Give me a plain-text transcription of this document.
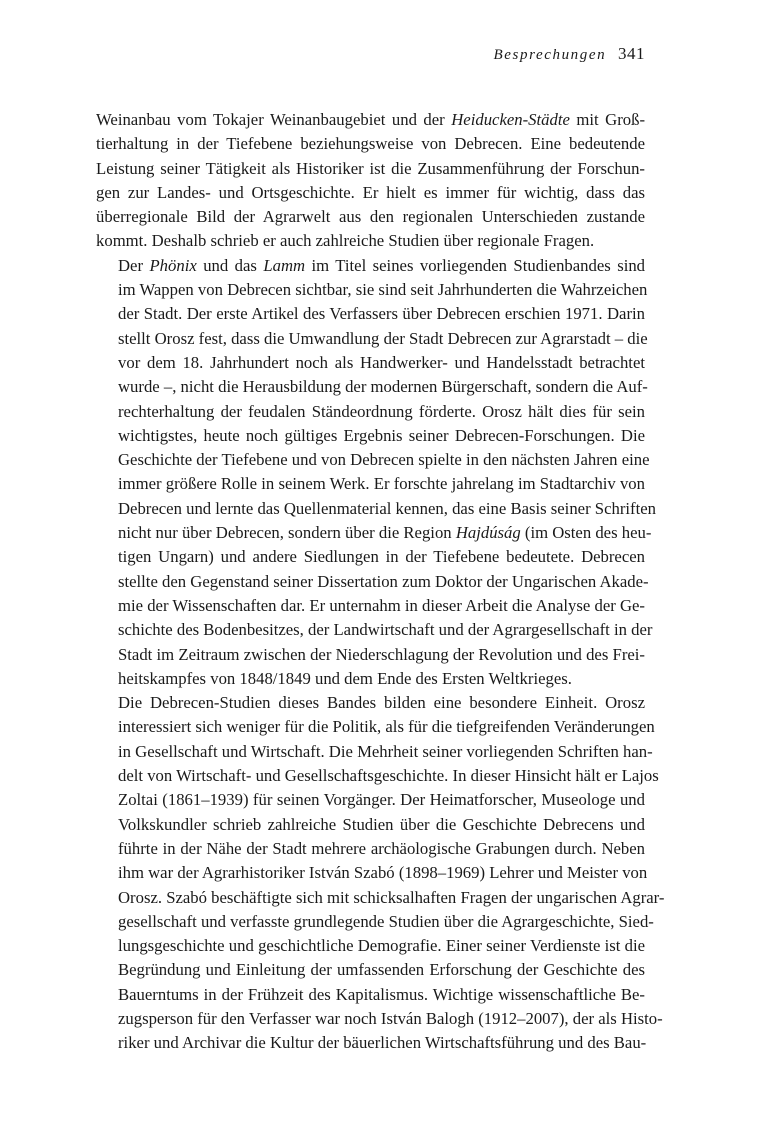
Besprechungen 341

Weinanbau vom Tokajer Weinanbaugebiet und der Heiducken-Städte mit Groß-
tierhaltung in der Tiefebene beziehungsweise von Debrecen. Eine bedeutende
Leistung seiner Tätigkeit als Historiker ist die Zusammenführung der Forschun-
gen zur Landes- und Ortsgeschichte. Er hielt es immer für wichtig, dass das
überregionale Bild der Agrarwelt aus den regionalen Unterschieden zustande
kommt. Deshalb schrieb er auch zahlreiche Studien über regionale Fragen.

Der Phönix und das Lamm im Titel seines vorliegenden Studienbandes sind
im Wappen von Debrecen sichtbar, sie sind seit Jahrhunderten die Wahrzeichen
der Stadt. Der erste Artikel des Verfassers über Debrecen erschien 1971. Darin
stellt Orosz fest, dass die Umwandlung der Stadt Debrecen zur Agrarstadt – die
vor dem 18. Jahrhundert noch als Handwerker- und Handelsstadt betrachtet
wurde –, nicht die Herausbildung der modernen Bürgerschaft, sondern die Auf-
rechterhaltung der feudalen Ständeordnung förderte. Orosz hält dies für sein
wichtigstes, heute noch gültiges Ergebnis seiner Debrecen-Forschungen. Die
Geschichte der Tiefebene und von Debrecen spielte in den nächsten Jahren eine
immer größere Rolle in seinem Werk. Er forschte jahrelang im Stadtarchiv von
Debrecen und lernte das Quellenmaterial kennen, das eine Basis seiner Schriften
nicht nur über Debrecen, sondern über die Region Hajdúság (im Osten des heu-
tigen Ungarn) und andere Siedlungen in der Tiefebene bedeutete. Debrecen
stellte den Gegenstand seiner Dissertation zum Doktor der Ungarischen Akade-
mie der Wissenschaften dar. Er unternahm in dieser Arbeit die Analyse der Ge-
schichte des Bodenbesitzes, der Landwirtschaft und der Agrargesellschaft in der
Stadt im Zeitraum zwischen der Niederschlagung der Revolution und des Frei-
heitskampfes von 1848/1849 und dem Ende des Ersten Weltkrieges.

Die Debrecen-Studien dieses Bandes bilden eine besondere Einheit. Orosz
interessiert sich weniger für die Politik, als für die tiefgreifenden Veränderungen
in Gesellschaft und Wirtschaft. Die Mehrheit seiner vorliegenden Schriften han-
delt von Wirtschaft- und Gesellschaftsgeschichte. In dieser Hinsicht hält er Lajos
Zoltai (1861–1939) für seinen Vorgänger. Der Heimatforscher, Museologe und
Volkskundler schrieb zahlreiche Studien über die Geschichte Debrecens und
führte in der Nähe der Stadt mehrere archäologische Grabungen durch. Neben
ihm war der Agrarhistoriker István Szabó (1898–1969) Lehrer und Meister von
Orosz. Szabó beschäftigte sich mit schicksalhaften Fragen der ungarischen Agrar-
gesellschaft und verfasste grundlegende Studien über die Agrargeschichte, Sied-
lungsgeschichte und geschichtliche Demografie. Einer seiner Verdienste ist die
Begründung und Einleitung der umfassenden Erforschung der Geschichte des
Bauerntums in der Frühzeit des Kapitalismus. Wichtige wissenschaftliche Be-
zugsperson für den Verfasser war noch István Balogh (1912–2007), der als Histo-
riker und Archivar die Kultur der bäuerlichen Wirtschaftsführung und des Bau-
